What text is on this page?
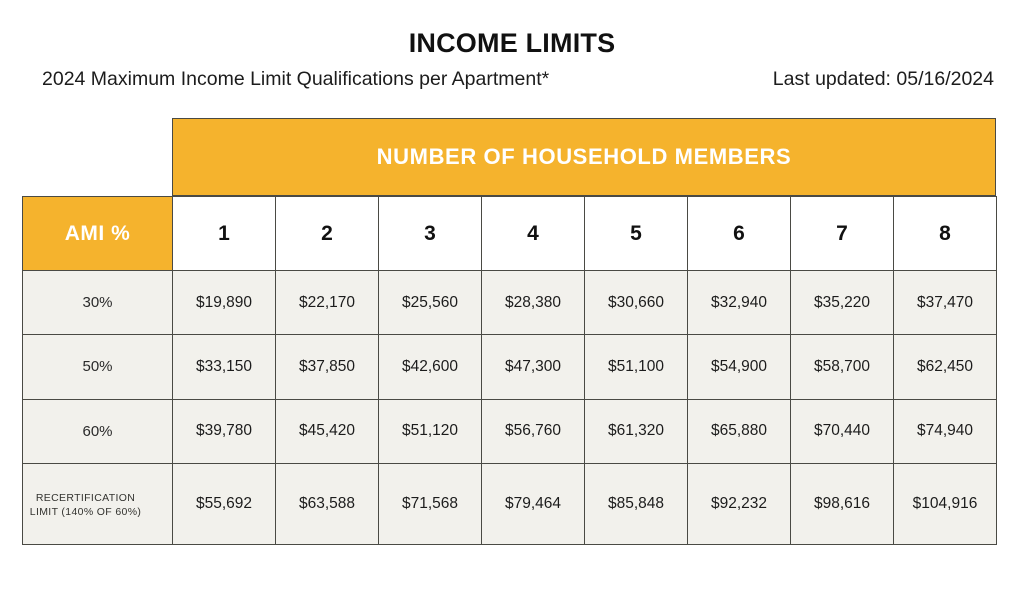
INCOME LIMITS
2024 Maximum Income Limit Qualifications per Apartment*	Last updated: 05/16/2024
NUMBER OF HOUSEHOLD MEMBERS
AMI %	1	2	3	4	5	6	7	8
30%	$19,890	$22,170	$25,560	$28,380	$30,660	$32,940	$35,220	$37,470
50%	$33,150	$37,850	$42,600	$47,300	$51,100	$54,900	$58,700	$62,450
60%	$39,780	$45,420	$51,120	$56,760	$61,320	$65,880	$70,440	$74,940
RECERTIFICATION LIMIT (140% OF 60%)	$55,692	$63,588	$71,568	$79,464	$85,848	$92,232	$98,616	$104,916
